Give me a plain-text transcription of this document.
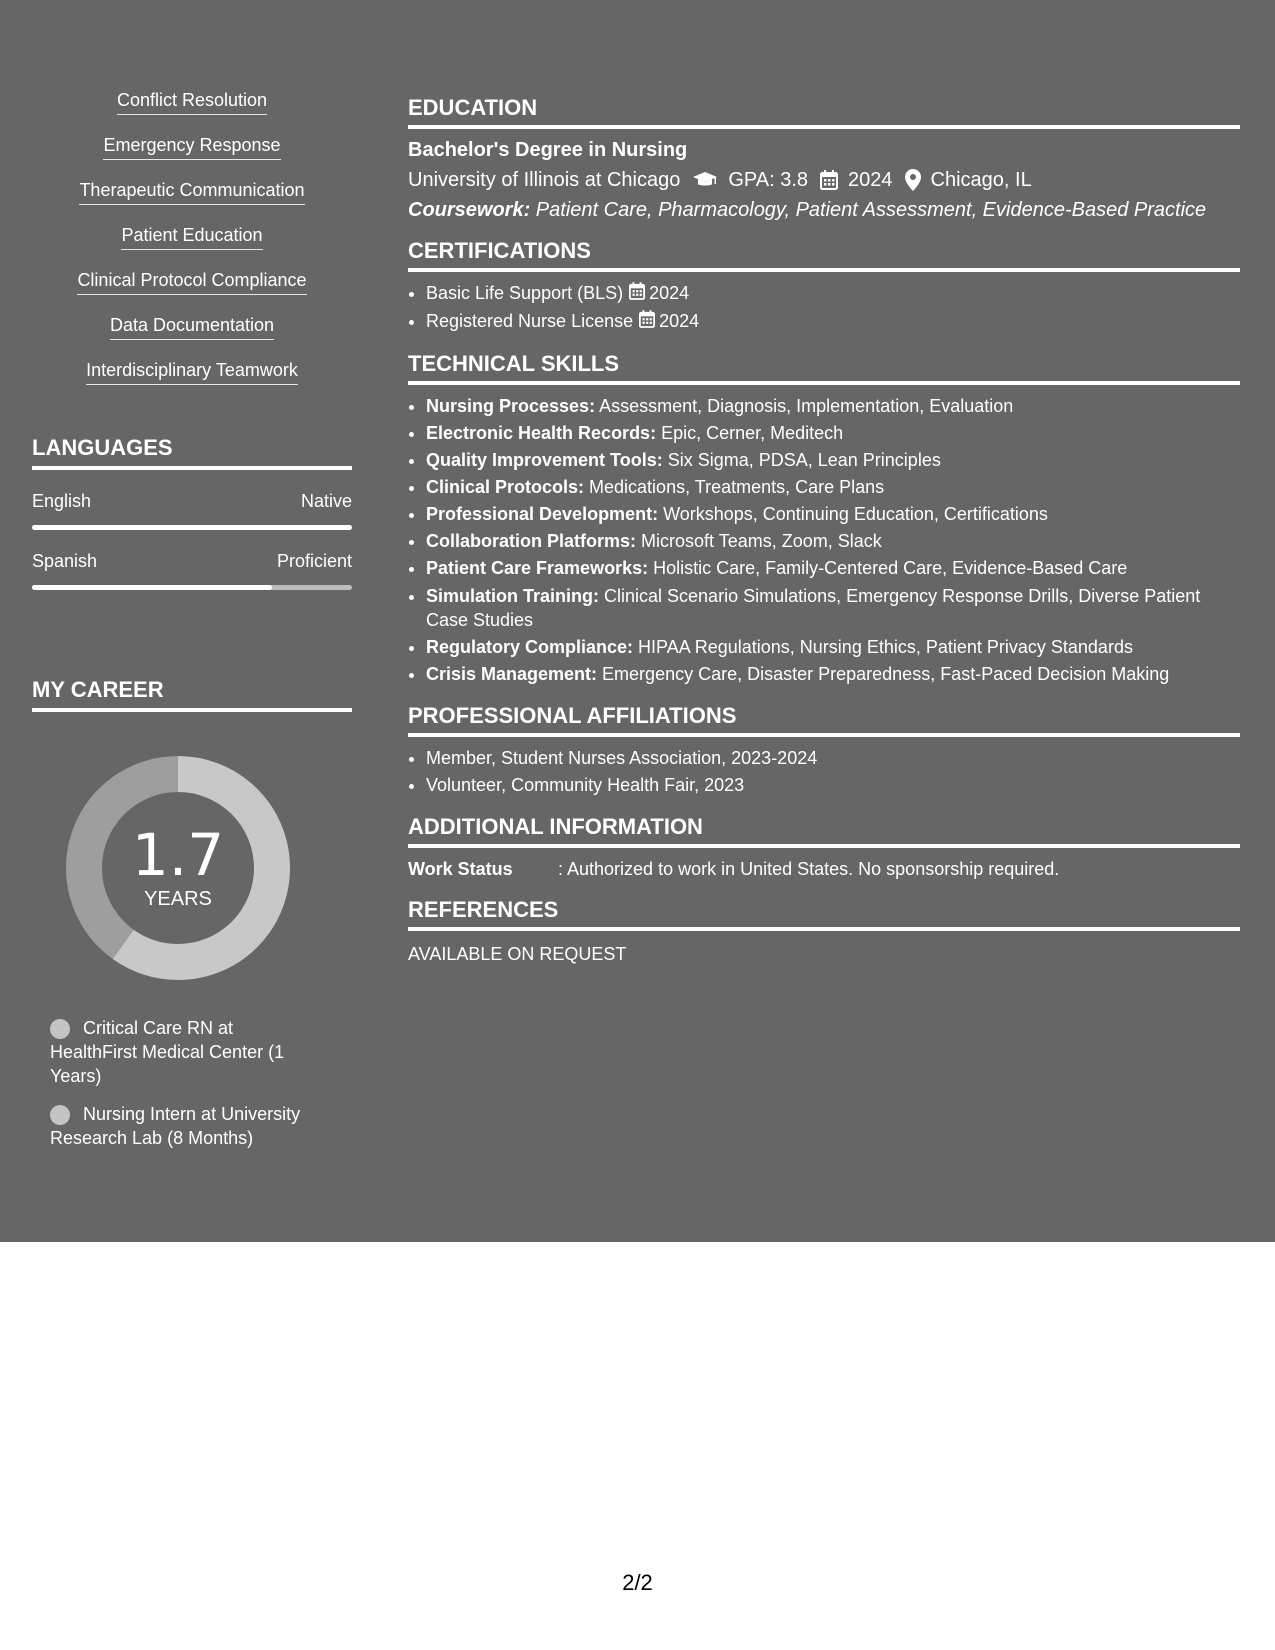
Conflict Resolution
Emergency Response
Therapeutic Communication
Patient Education
Clinical Protocol Compliance
Data Documentation
Interdisciplinary Teamwork
LANGUAGES
English	Native
Spanish	Proficient
MY CAREER
1.7
YEARS
Critical Care RN at HealthFirst Medical Center (1 Years)
Nursing Intern at University Research Lab (8 Months)
EDUCATION
Bachelor's Degree in Nursing
University of Illinois at Chicago GPA: 3.8 2024 Chicago, IL
Coursework: Patient Care, Pharmacology, Patient Assessment, Evidence-Based Practice
CERTIFICATIONS
• Basic Life Support (BLS) 2024
• Registered Nurse License 2024
TECHNICAL SKILLS
• Nursing Processes: Assessment, Diagnosis, Implementation, Evaluation
• Electronic Health Records: Epic, Cerner, Meditech
• Quality Improvement Tools: Six Sigma, PDSA, Lean Principles
• Clinical Protocols: Medications, Treatments, Care Plans
• Professional Development: Workshops, Continuing Education, Certifications
• Collaboration Platforms: Microsoft Teams, Zoom, Slack
• Patient Care Frameworks: Holistic Care, Family-Centered Care, Evidence-Based Care
• Simulation Training: Clinical Scenario Simulations, Emergency Response Drills, Diverse Patient Case Studies
• Regulatory Compliance: HIPAA Regulations, Nursing Ethics, Patient Privacy Standards
• Crisis Management: Emergency Care, Disaster Preparedness, Fast-Paced Decision Making
PROFESSIONAL AFFILIATIONS
• Member, Student Nurses Association, 2023-2024
• Volunteer, Community Health Fair, 2023
ADDITIONAL INFORMATION
Work Status	: Authorized to work in United States. No sponsorship required.
REFERENCES
AVAILABLE ON REQUEST
2/2
